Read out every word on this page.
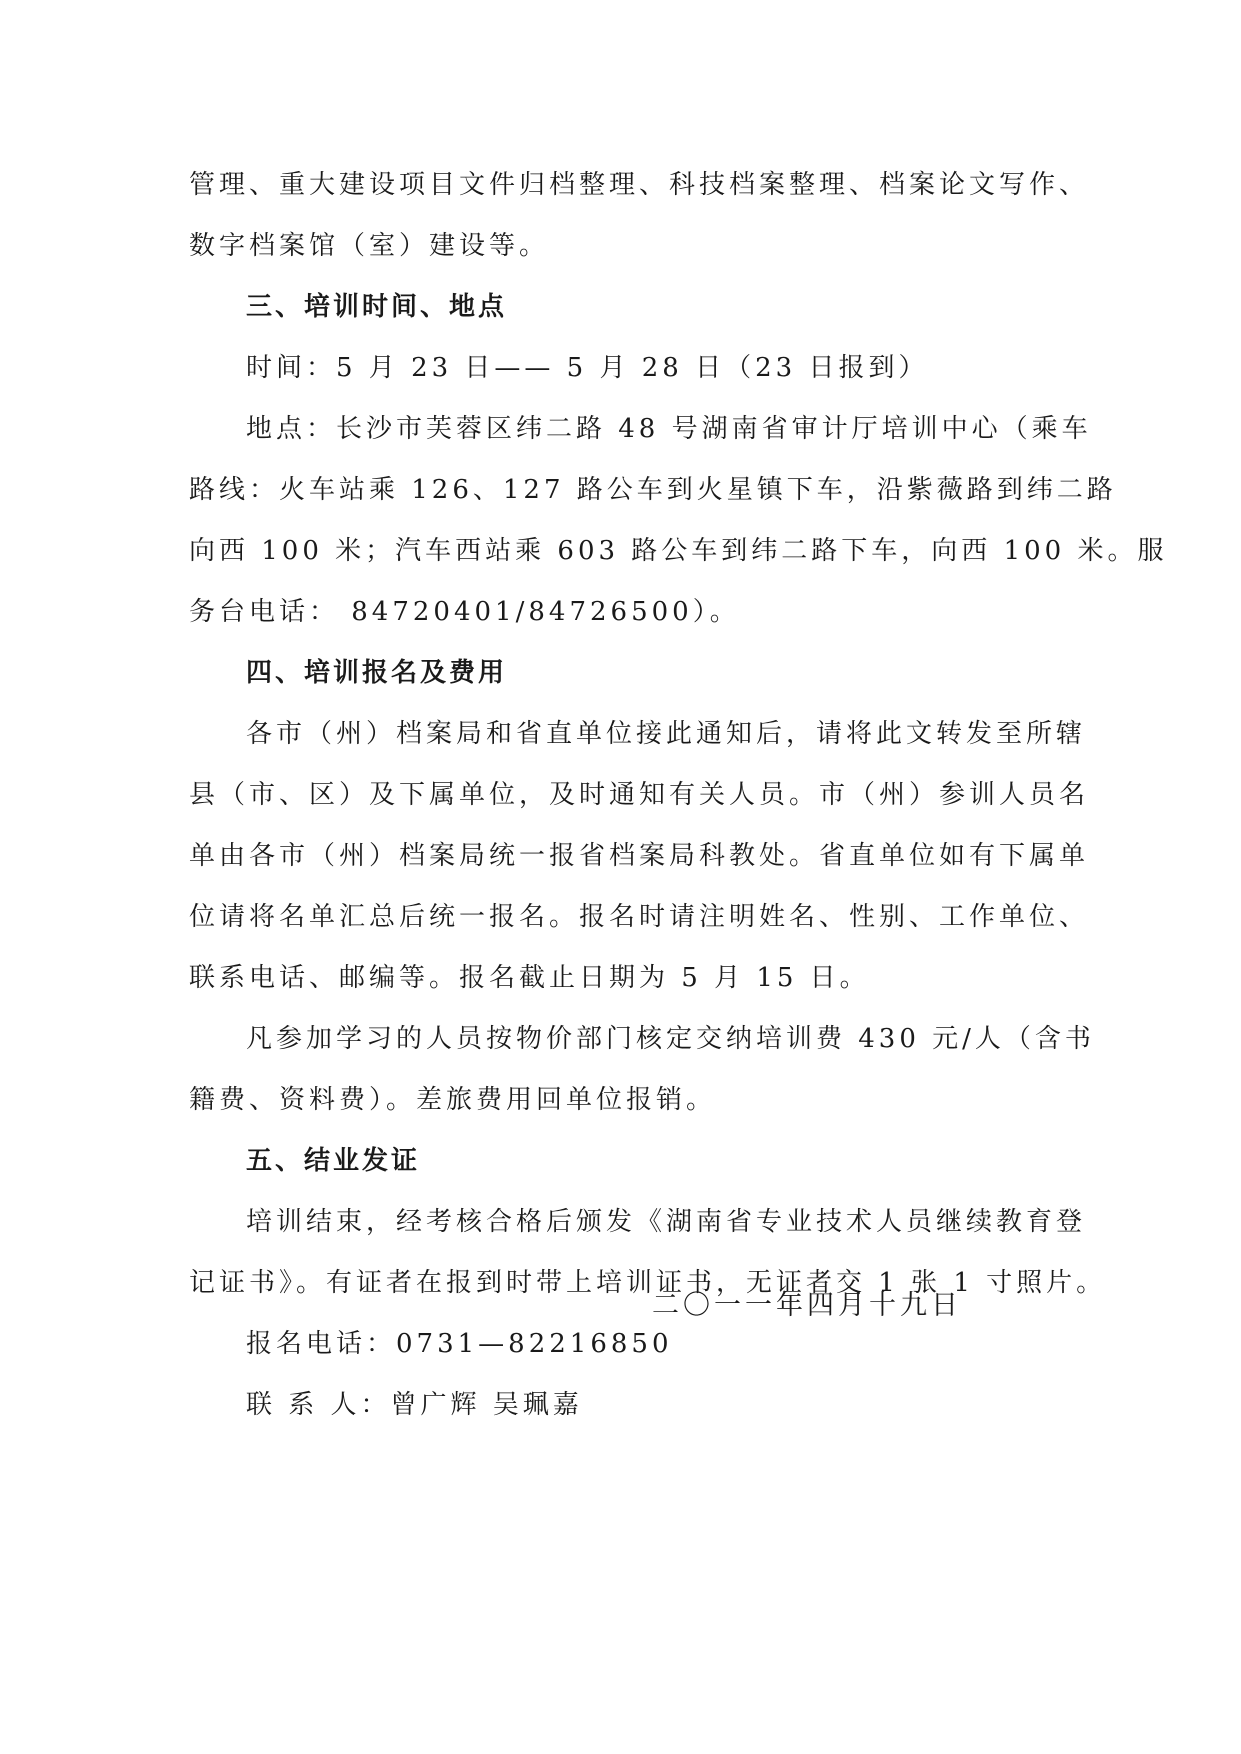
管理、重大建设项目文件归档整理、科技档案整理、档案论文写作、
数字档案馆（室）建设等。
三、培训时间、地点
时间：5 月 23 日—— 5 月 28 日（23 日报到）
地点：长沙市芙蓉区纬二路 48 号湖南省审计厅培训中心（乘车
路线：火车站乘 126、127 路公车到火星镇下车，沿紫薇路到纬二路
向西 100 米；汽车西站乘 603 路公车到纬二路下车，向西 100 米。服
务台电话： 84720401/84726500）。
四、培训报名及费用
各市（州）档案局和省直单位接此通知后，请将此文转发至所辖
县（市、区）及下属单位，及时通知有关人员。市（州）参训人员名
单由各市（州）档案局统一报省档案局科教处。省直单位如有下属单
位请将名单汇总后统一报名。报名时请注明姓名、性别、工作单位、
联系电话、邮编等。报名截止日期为 5 月 15 日。
凡参加学习的人员按物价部门核定交纳培训费 430 元/人（含书
籍费、资料费）。差旅费用回单位报销。
五、结业发证
培训结束，经考核合格后颁发《湖南省专业技术人员继续教育登
记证书》。有证者在报到时带上培训证书，无证者交 1 张 1 寸照片。
报名电话：0731—82216850
联 系 人：曾广辉 吴珮嘉
二〇一一年四月十九日
